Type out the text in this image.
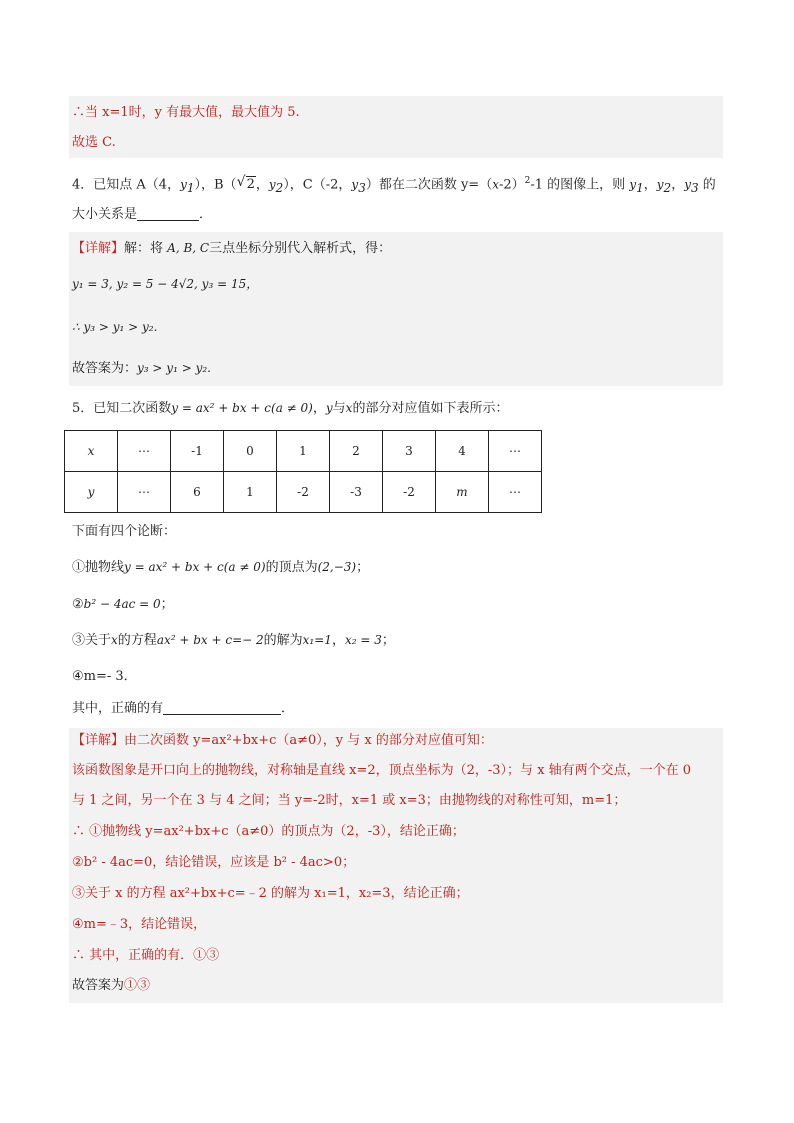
∴当 x=1时，y 有最大值，最大值为 5.
故选 C.
4．已知点 A（4，$y_1$），B（ √ 2，$y_2$），C（-2，$y_3$）都在二次函数 $y=(x-2)^2-1$ 的图像上，则 $y_1$，$y_2$，$y_3$ 的
大小关系是	．
【详解】解：将 A, B, C三点坐标分别代入解析式，得：
y₁ = 3, y₂ = 5 − 4√2, y₃ = 15，
∴ y₃ > y₁ > y₂.
故答案为：y₃ > y₁ > y₂.
5．已知二次函数y = ax² + bx + c(a ≠ 0)，y与x的部分对应值如下表所示：
x	⋯	-1	0	1	2	3	4	⋯
y	⋯	6	1	-2	-3	-2	m	⋯
下面有四个论断：
①抛物线y = ax² + bx + c(a ≠ 0)的顶点为(2,−3)；
②b² − 4ac = 0；
③关于x的方程ax² + bx + c=− 2的解为x₁=1，x₂ = 3；
④m=- 3．
其中，正确的有	．
【详解】由二次函数 y=ax²+bx+c（a≠0），y 与 x 的部分对应值可知：
该函数图象是开口向上的抛物线，对称轴是直线 x=2，顶点坐标为（2，-3）；与 x 轴有两个交点，一个在 0
与 1 之间，另一个在 3 与 4 之间；当 y=-2时，x=1 或 x=3；由抛物线的对称性可知，m=1；
∴ ①抛物线 y=ax²+bx+c（a≠0）的顶点为（2，-3），结论正确；
②b² - 4ac=0，结论错误，应该是 b² - 4ac>0；
③关于 x 的方程 ax²+bx+c=﹣2 的解为 x₁=1，x₂=3，结论正确；
④m=﹣3，结论错误，
∴ 其中，正确的有．①③
故答案为①③
